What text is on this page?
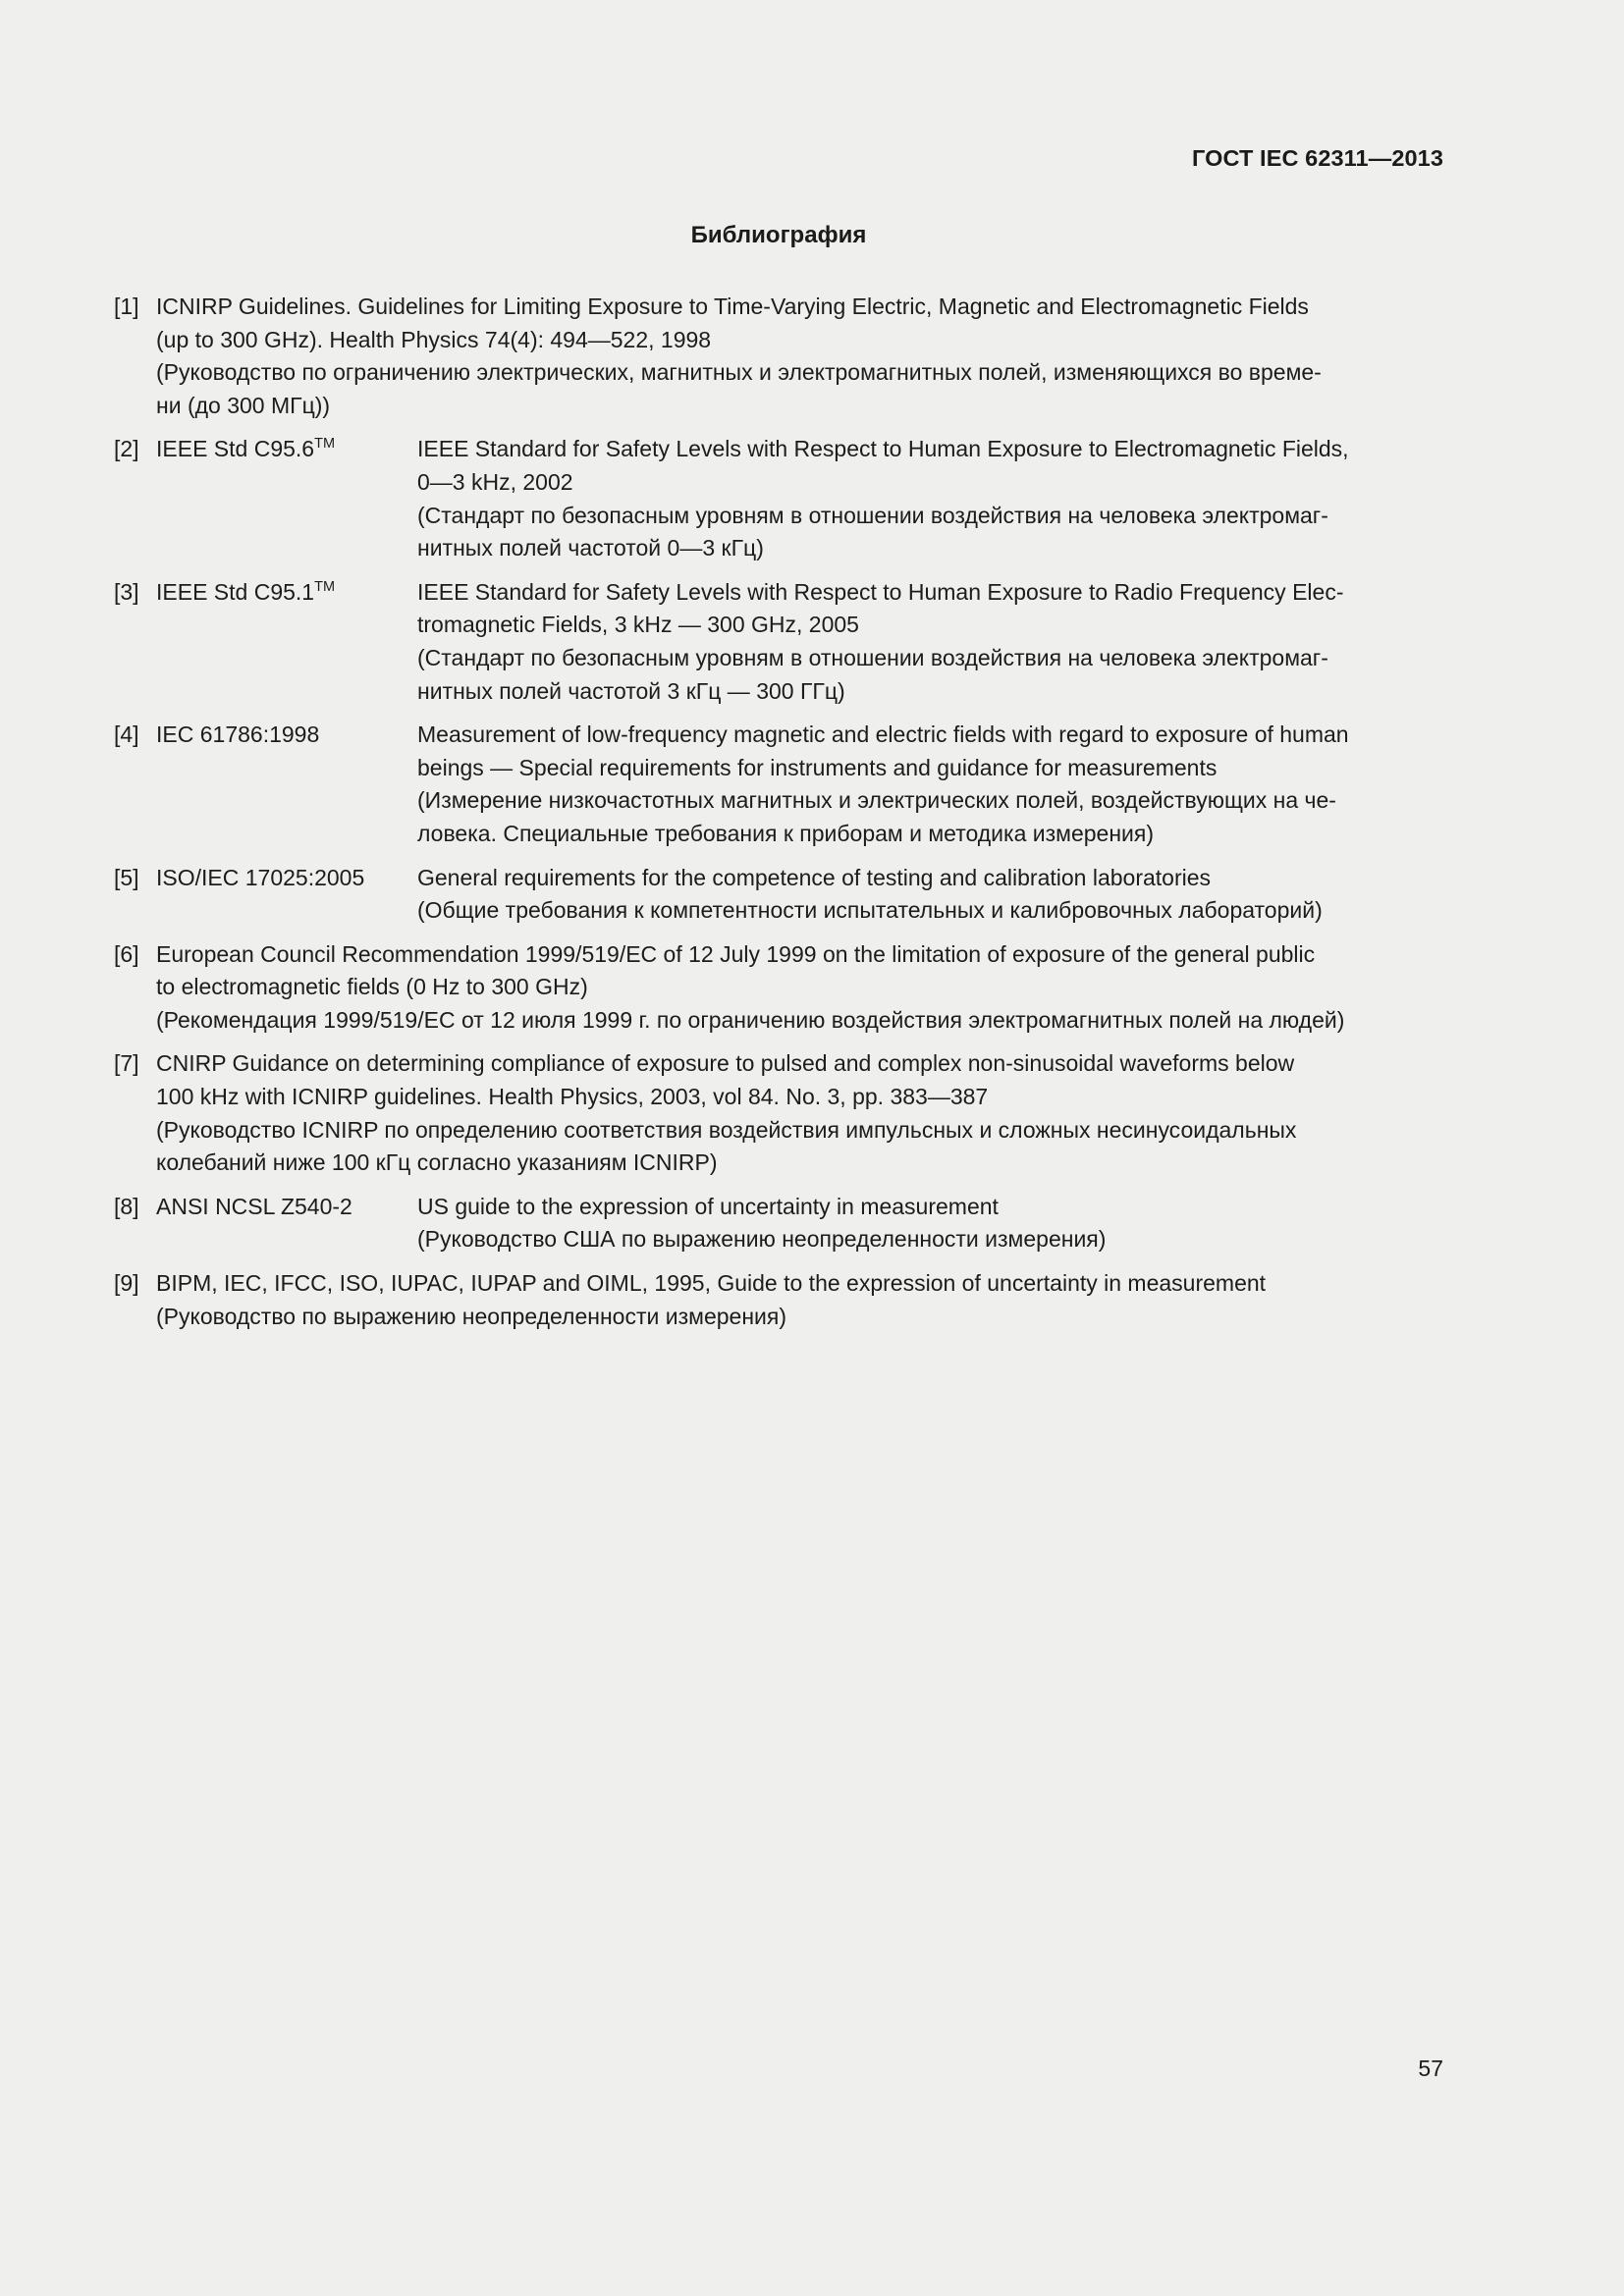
ГОСТ IEC 62311—2013
Библиография
[1] ICNIRP Guidelines. Guidelines for Limiting Exposure to Time-Varying Electric, Magnetic and Electromagnetic Fields
(up to 300 GHz). Health Physics 74(4): 494—522, 1998
(Руководство по ограничению электрических, магнитных и электромагнитных полей, изменяющихся во време-
ни (до 300 МГц))
[2] IEEE Std C95.6™	IEEE Standard for Safety Levels with Respect to Human Exposure to Electromagnetic Fields,
0—3 kHz, 2002
(Стандарт по безопасным уровням в отношении воздействия на человека электромаг-
нитных полей частотой 0—3 кГц)
[3] IEEE Std C95.1™	IEEE Standard for Safety Levels with Respect to Human Exposure to Radio Frequency Elec-
tromagnetic Fields, 3 kHz — 300 GHz, 2005
(Стандарт по безопасным уровням в отношении воздействия на человека электромаг-
нитных полей частотой 3 кГц — 300 ГГц)
[4] IEC 61786:1998	Measurement of low-frequency magnetic and electric fields with regard to exposure of human
beings — Special requirements for instruments and guidance for measurements
(Измерение низкочастотных магнитных и электрических полей, воздействующих на че-
ловека. Специальные требования к приборам и методика измерения)
[5] ISO/IEC 17025:2005	General requirements for the competence of testing and calibration laboratories
(Общие требования к компетентности испытательных и калибровочных лабораторий)
[6] European Council Recommendation 1999/519/EC of 12 July 1999 on the limitation of exposure of the general public
to electromagnetic fields (0 Hz to 300 GHz)
(Рекомендация 1999/519/ЕС от 12 июля 1999 г. по ограничению воздействия электромагнитных полей на людей)
[7] CNIRP Guidance on determining compliance of exposure to pulsed and complex non-sinusoidal waveforms below
100 kHz with ICNIRP guidelines. Health Physics, 2003, vol 84. No. 3, pp. 383—387
(Руководство ICNIRP по определению соответствия воздействия импульсных и сложных несинусоидальных
колебаний ниже 100 кГц согласно указаниям ICNIRP)
[8] ANSI NCSL Z540-2	US guide to the expression of uncertainty in measurement
(Руководство США по выражению неопределенности измерения)
[9] BIPM, IEC, IFCC, ISO, IUPAC, IUPAP and OIML, 1995, Guide to the expression of uncertainty in measurement
(Руководство по выражению неопределенности измерения)
57
